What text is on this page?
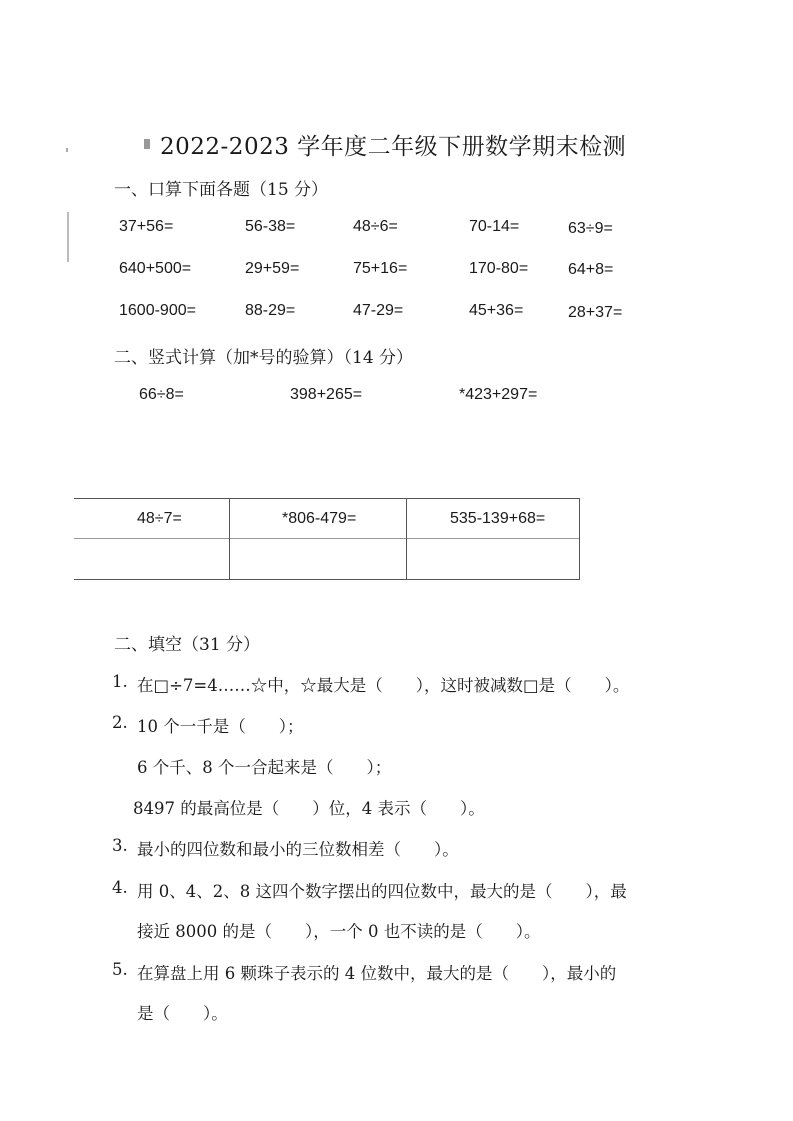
2022-2023 学年度二年级下册数学期末检测
一、口算下面各题（15 分）
37+56=	56-38=	48÷6=	70-14=	63÷9=
640+500=	29+59=	75+16=	170-80= 64+8=
1600-900=	88-29=	47-29=	45+36=	28+37=
二、竖式计算（加*号的验算）（14 分）
66÷8=	398+265=	*423+297=
48÷7=	*806-479=	535-139+68=
二、填空（31 分）
1. 在□÷7=4……☆中，☆最大是（　　），这时被减数□是（　　）。
2. 10 个一千是（　　）；
6 个千、8 个一合起来是（　　）；
8497 的最高位是（　　）位，4 表示（　　）。
3. 最小的四位数和最小的三位数相差（　　）。
4. 用 0、4、2、8 这四个数字摆出的四位数中，最大的是（　　），最
接近 8000 的是（　　），一个 0 也不读的是（　　）。
5. 在算盘上用 6 颗珠子表示的 4 位数中，最大的是（　　），最小的
是（　　）。
